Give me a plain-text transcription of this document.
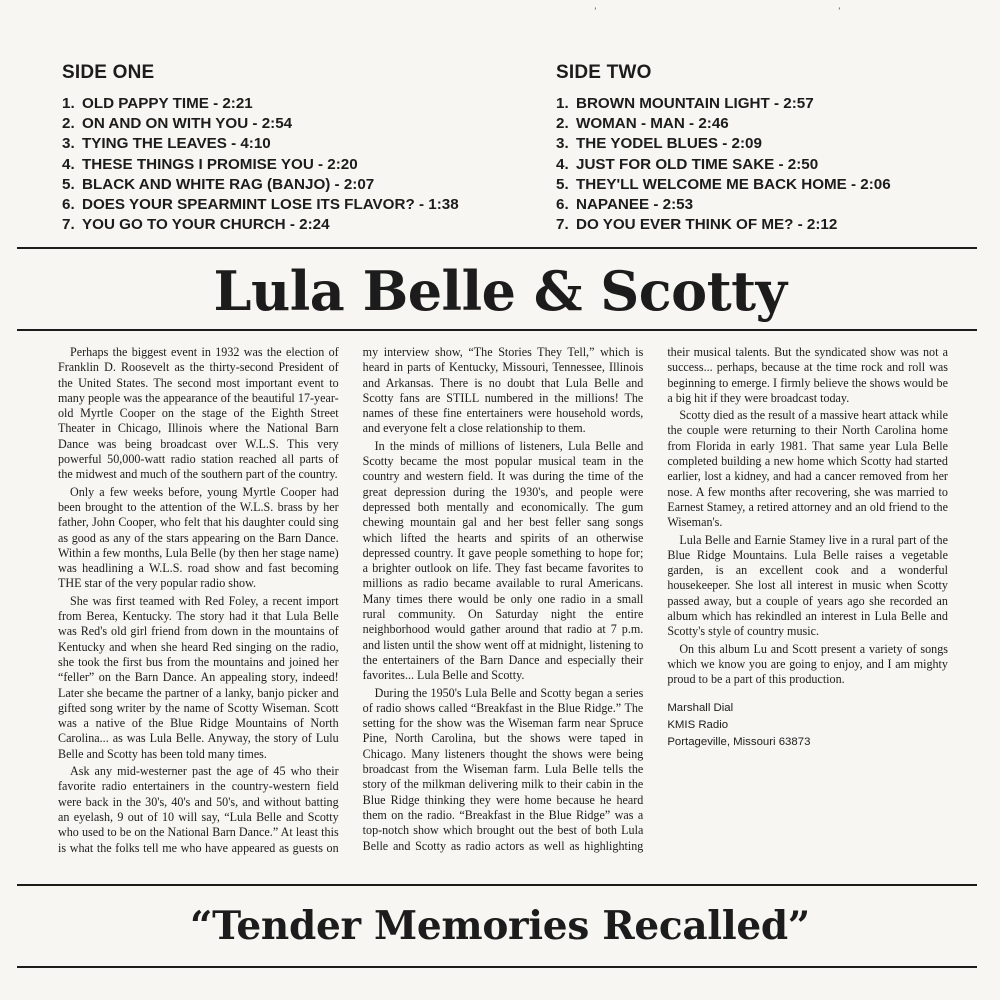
’	’
SIDE ONE
1. OLD PAPPY TIME - 2:21
2. ON AND ON WITH YOU - 2:54
3. TYING THE LEAVES - 4:10
4. THESE THINGS I PROMISE YOU - 2:20
5. BLACK AND WHITE RAG (BANJO) - 2:07
6. DOES YOUR SPEARMINT LOSE ITS FLAVOR? - 1:38
7. YOU GO TO YOUR CHURCH - 2:24
SIDE TWO
1. BROWN MOUNTAIN LIGHT - 2:57
2. WOMAN - MAN - 2:46
3. THE YODEL BLUES - 2:09
4. JUST FOR OLD TIME SAKE - 2:50
5. THEY'LL WELCOME ME BACK HOME - 2:06
6. NAPANEE - 2:53
7. DO YOU EVER THINK OF ME? - 2:12
Lula Belle & Scotty

Perhaps the biggest event in 1932 was the election of Franklin D. Roosevelt as the thirty-second President of the United States. The second most important event to many people was the appearance of the beautiful 17-year-old Myrtle Cooper on the stage of the Eighth Street Theater in Chicago, Illinois where the National Barn Dance was being broadcast over W.L.S. This very powerful 50,000-watt radio station reached all parts of the midwest and much of the southern part of the country.

Only a few weeks before, young Myrtle Cooper had been brought to the attention of the W.L.S. brass by her father, John Cooper, who felt that his daughter could sing as good as any of the stars appearing on the Barn Dance. Within a few months, Lula Belle (by then her stage name) was headlining a W.L.S. road show and fast becoming THE star of the very popular radio show.

She was first teamed with Red Foley, a recent import from Berea, Kentucky. The story had it that Lula Belle was Red's old girl friend from down in the mountains of Kentucky and when she heard Red singing on the radio, she took the first bus from the mountains and joined her “feller” on the Barn Dance. An appealing story, indeed! Later she became the partner of a lanky, banjo picker and gifted song writer by the name of Scotty Wiseman. Scott was a native of the Blue Ridge Mountains of North Carolina... as was Lula Belle. Anyway, the story of Lulu Belle and Scotty has been told many times.

Ask any mid-westerner past the age of 45 who their favorite radio entertainers in the country-western field were back in the 30's, 40's and 50's, and without batting an eyelash, 9 out of 10 will say, “Lula Belle and Scotty who used to be on the National Barn Dance.” At least this is what the folks tell me who have appeared as guests on my interview show, “The Stories They Tell,” which is heard in parts of Kentucky, Missouri, Tennessee, Illinois and Arkansas. There is no doubt that Lula Belle and Scotty fans are STILL numbered in the millions! The names of these fine entertainers were household words, and everyone felt a close relationship to them.

In the minds of millions of listeners, Lula Belle and Scotty became the most popular musical team in the country and western field. It was during the time of the great depression during the 1930's, and people were depressed both mentally and economically. The gum chewing mountain gal and her best feller sang songs which lifted the hearts and spirits of an otherwise depressed country. It gave people something to hope for; a brighter outlook on life. They fast became favorites to millions as radio became available to rural Americans. Many times there would be only one radio in a small rural community. On Saturday night the entire neighborhood would gather around that radio at 7 p.m. and listen until the show went off at midnight, listening to the entertainers of the Barn Dance and especially their favorites... Lula Belle and Scotty.

During the 1950's Lula Belle and Scotty began a series of radio shows called “Breakfast in the Blue Ridge.” The setting for the show was the Wiseman farm near Spruce Pine, North Carolina, but the shows were taped in Chicago. Many listeners thought the shows were being broadcast from the Wiseman farm. Lula Belle tells the story of the milkman delivering milk to their cabin in the Blue Ridge thinking they were home because he heard them on the radio. “Breakfast in the Blue Ridge” was a top-notch show which brought out the best of both Lula Belle and Scotty as radio actors as well as highlighting their musical talents. But the syndicated show was not a success... perhaps, because at the time rock and roll was beginning to emerge. I firmly believe the shows would be a big hit if they were broadcast today.

Scotty died as the result of a massive heart attack while the couple were returning to their North Carolina home from Florida in early 1981. That same year Lula Belle completed building a new home which Scotty had started earlier, lost a kidney, and had a cancer removed from her nose. A few months after recovering, she was married to Earnest Stamey, a retired attorney and an old friend to the Wiseman's.

Lula Belle and Earnie Stamey live in a rural part of the Blue Ridge Mountains. Lula Belle raises a vegetable garden, is an excellent cook and a wonderful housekeeper. She lost all interest in music when Scotty passed away, but a couple of years ago she recorded an album which has rekindled an interest in Lula Belle and Scotty's style of country music.

On this album Lu and Scott present a variety of songs which we know you are going to enjoy, and I am mighty proud to be a part of this production.

Marshall Dial
KMIS Radio
Portageville, Missouri 63873
“Tender Memories Recalled”
